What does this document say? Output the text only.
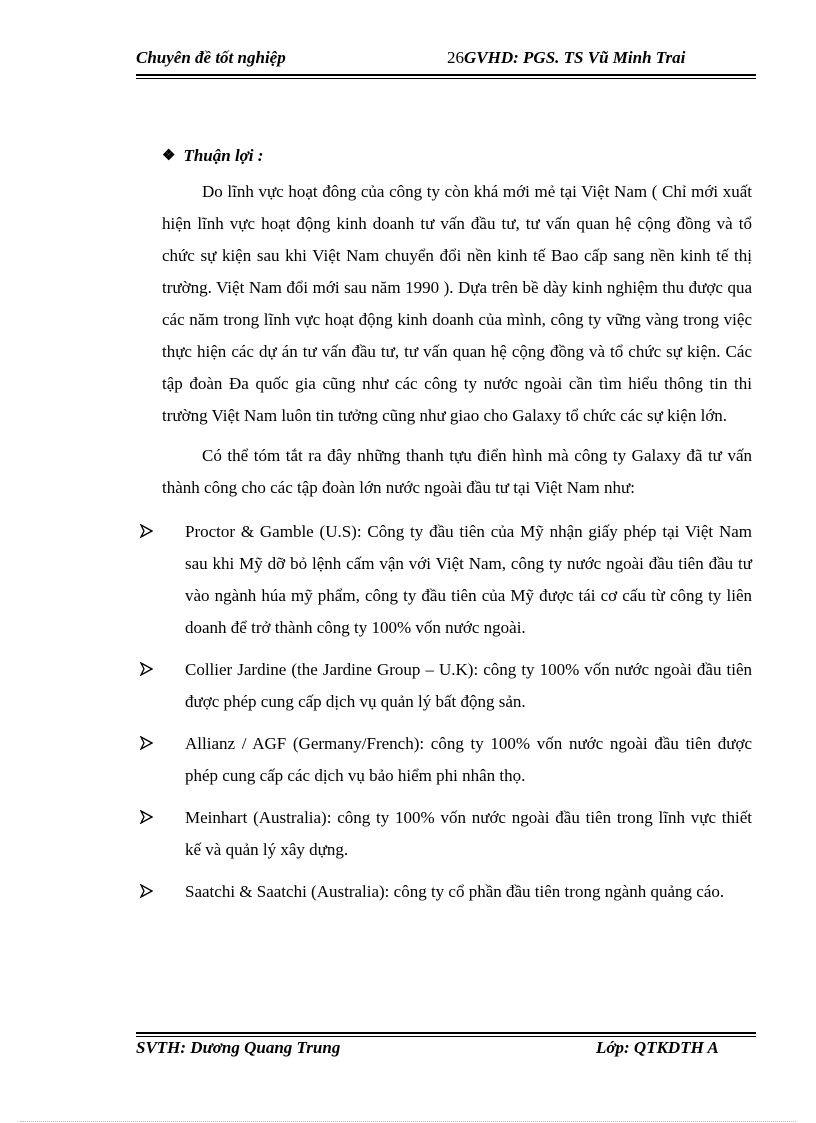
Chuyên đề tốt nghiệp	26 GVHD: PGS. TS Vũ Minh Trai
❖ Thuận lợi :

Do lĩnh vực hoạt đông của công ty còn khá mới mẻ tại Việt Nam ( Chỉ mới xuất hiện lĩnh vực hoạt động kinh doanh tư vấn đầu tư, tư vấn quan hệ cộng đồng và tổ chức sự kiện sau khi Việt Nam chuyển đổi nền kinh tế Bao cấp sang nền kinh tế thị trường. Việt Nam đổi mới sau năm 1990 ). Dựa trên bề dày kinh nghiệm thu được qua các năm trong lĩnh vực hoạt động kinh doanh của mình, công ty vững vàng trong việc thực hiện các dự án tư vấn đầu tư, tư vấn quan hệ cộng đồng và tổ chức sự kiện. Các tập đoàn Đa quốc gia cũng như các công ty nước ngoài cần tìm hiểu thông tin thi trường Việt Nam luôn tin tưởng cũng như giao cho Galaxy tổ chức các sự kiện lớn.

Có thể tóm tắt ra đây những thanh tựu điển hình mà công ty Galaxy đã tư vấn thành công cho các tập đoàn lớn nước ngoài đầu tư tại Việt Nam như:

Proctor & Gamble (U.S): Công ty đầu tiên của Mỹ nhận giấy phép tại Việt Nam sau khi Mỹ dỡ bỏ lệnh cấm vận với Việt Nam, công ty nước ngoài đầu tiên đầu tư vào ngành húa mỹ phẩm, công ty đầu tiên của Mỹ được tái cơ cấu từ công ty liên doanh để trở thành công ty 100% vốn nước ngoài.
Collier Jardine (the Jardine Group – U.K): công ty 100% vốn nước ngoài đầu tiên được phép cung cấp dịch vụ quản lý bất động sản.
Allianz / AGF (Germany/French): công ty 100% vốn nước ngoài đầu tiên được phép cung cấp các dịch vụ bảo hiểm phi nhân thọ.
Meinhart (Australia): công ty 100% vốn nước ngoài đầu tiên trong lĩnh vực thiết kế và quản lý xây dựng.
Saatchi & Saatchi (Australia): công ty cổ phần đầu tiên trong ngành quảng cáo.
SVTH: Dương Quang Trung	Lớp: QTKDTH A
